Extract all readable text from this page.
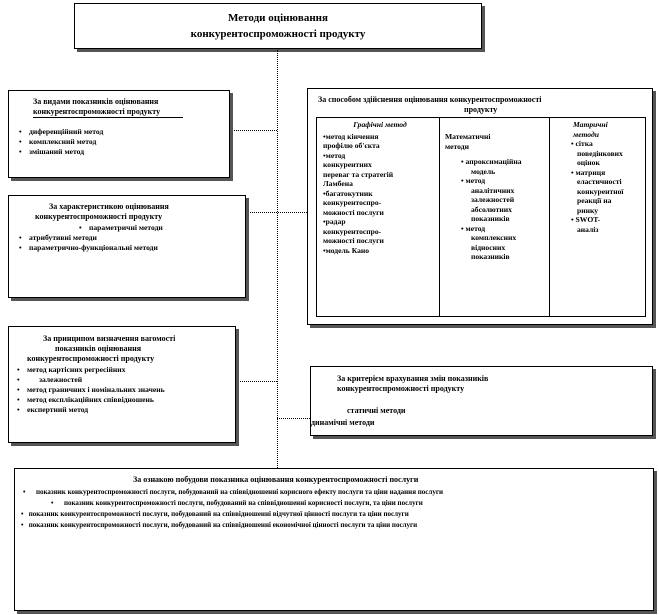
Методи оцінювання
конкурентоспроможності продукту
За видами показників оцінювання
конкурентоспроможності продукту
• диференційний метод
• комплексний метод
• змішаний метод
За характеристикою оцінювання
конкурентоспроможності продукту
• параметричні методи
• атрибутивні методи
• параметрично-функціональні методи
За принципом визначення вагомості
показників оцінювання
конкурентоспроможності продукту
• метод картісних регресійних
• залежностей
• метод граничних і номінальних значень
• метод експлікаційних співвідношень
• експертний метод
За способом здійснення оцінювання конкурентоспроможності
продукту
Графічні метод
•метод кінчення
профілю об'єкта
•метод
конкурентних
переваг та стратегій
Ламбена
•багатокутник
конкурентоспро-
можності послуги
•радар
конкурентоспро-
можності послуги
•модель Кано
Математичні
методи
• апроксимаційна
модель
• метод
аналітичних
залежностей
абсолютних
показників
• метод
комплексних
відносних
показників
Матричні
методи
• сітка
поведінкових
оцінок
• матриця
еластичності
конкурентної
реакції на
ринку
• SWOT-
аналіз
За критерієм врахування змін показників
конкурентоспроможності продукту
статичні методи
динамічні методи
За ознакою побудови показника оцінювання конкурентоспроможності послуги
•      показник конкурентоспроможності послуги, побудований на співвідношенні корисного ефекту послуги та ціни надання послуги
•      показник конкурентоспроможності послуги, побудований на співвідношенні корисності послуги, та ціни послуги
•   показник конкурентоспроможності послуги, побудований на співвідношенні відчутної цінності послуги та ціни послуги
•   показник конкурентоспроможності послуги, побудований на співвідношенні економічної цінності послуги та ціни послуги
